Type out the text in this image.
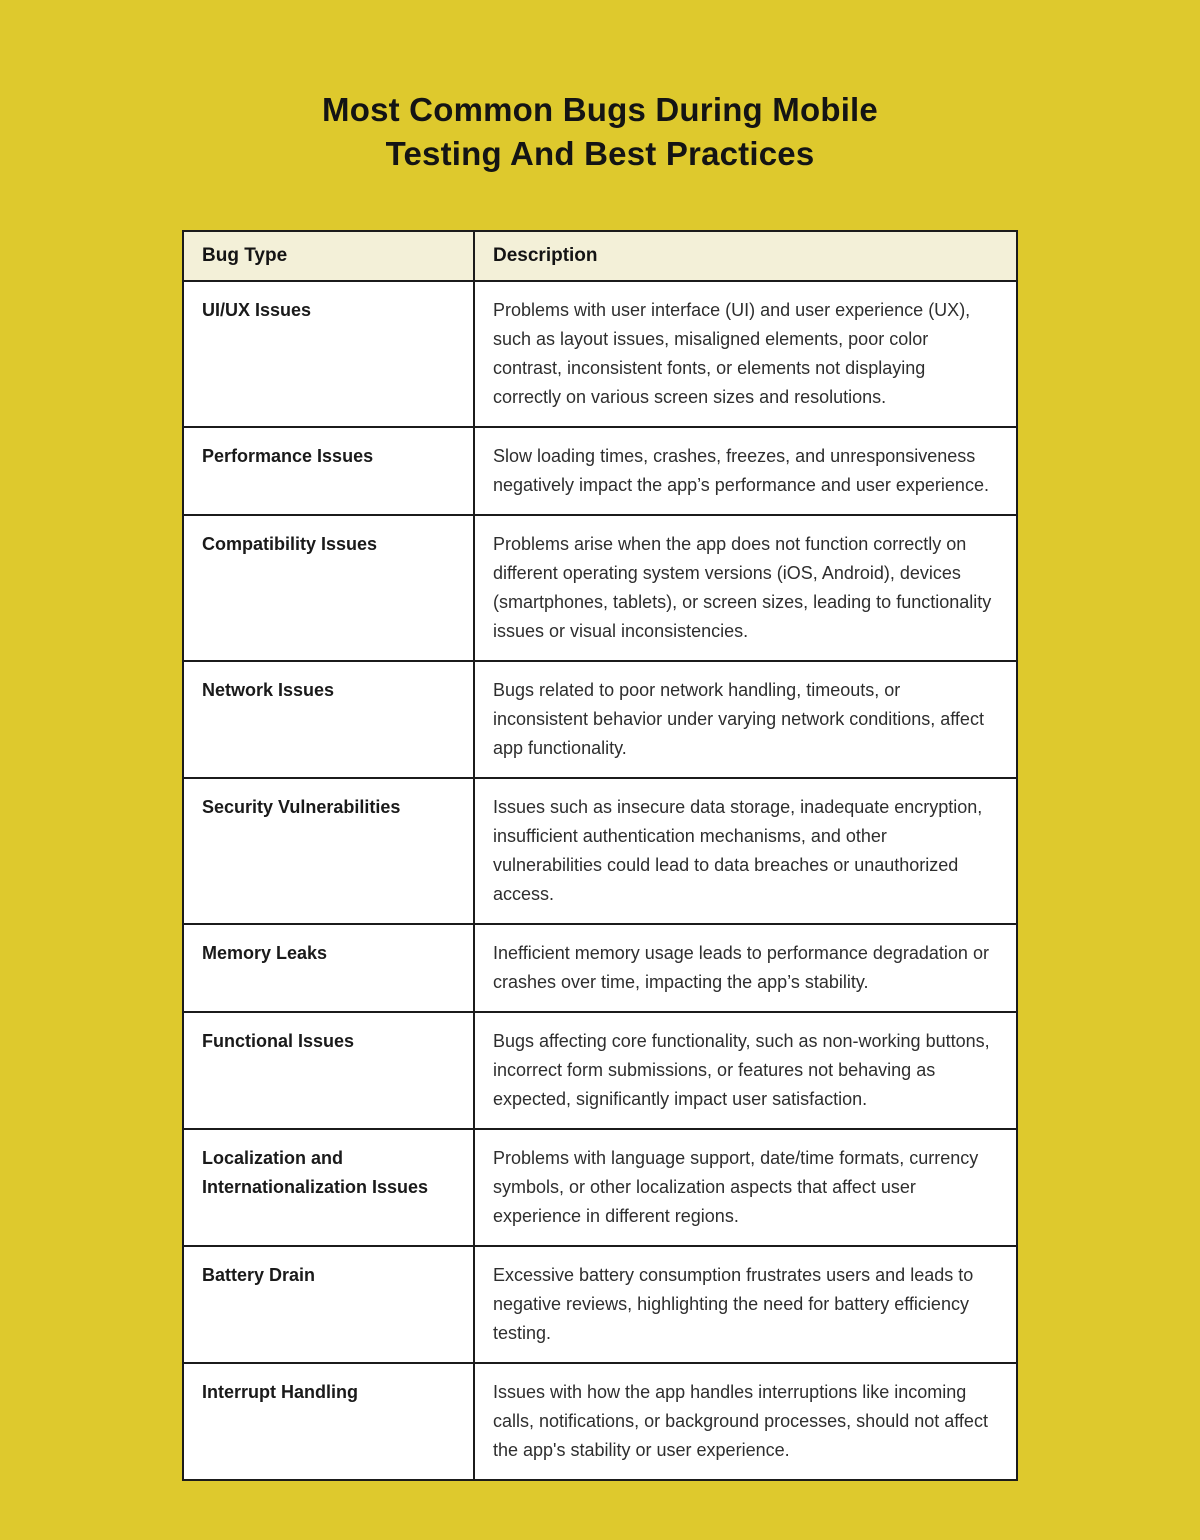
Most Common Bugs During Mobile
Testing And Best Practices
Bug Type	Description
UI/UX Issues	Problems with user interface (UI) and user experience (UX), such as layout issues, misaligned elements, poor color contrast, inconsistent fonts, or elements not displaying correctly on various screen sizes and resolutions.
Performance Issues	Slow loading times, crashes, freezes, and unresponsiveness negatively impact the app’s performance and user experience.
Compatibility Issues	Problems arise when the app does not function correctly on different operating system versions (iOS, Android), devices (smartphones, tablets), or screen sizes, leading to functionality issues or visual inconsistencies.
Network Issues	Bugs related to poor network handling, timeouts, or inconsistent behavior under varying network conditions, affect app functionality.
Security Vulnerabilities	Issues such as insecure data storage, inadequate encryption, insufficient authentication mechanisms, and other vulnerabilities could lead to data breaches or unauthorized access.
Memory Leaks	Inefficient memory usage leads to performance degradation or crashes over time, impacting the app’s stability.
Functional Issues	Bugs affecting core functionality, such as non-working buttons, incorrect form submissions, or features not behaving as expected, significantly impact user satisfaction.
Localization and Internationalization Issues	Problems with language support, date/time formats, currency symbols, or other localization aspects that affect user experience in different regions.
Battery Drain	Excessive battery consumption frustrates users and leads to negative reviews, highlighting the need for battery efficiency testing.
Interrupt Handling	Issues with how the app handles interruptions like incoming calls, notifications, or background processes, should not affect the app's stability or user experience.
